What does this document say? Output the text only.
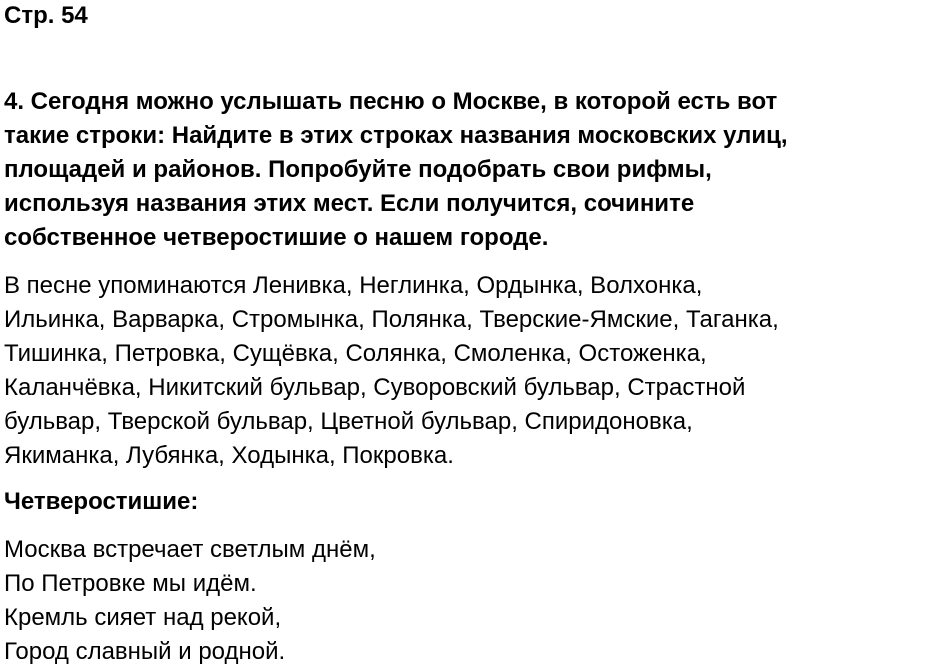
Стр. 54
4. Сегодня можно услышать песню о Москве, в которой есть вот
такие строки: Найдите в этих строках названия московских улиц,
площадей и районов. Попробуйте подобрать свои рифмы,
используя названия этих мест. Если получится, сочините
собственное четверостишие о нашем городе.
В песне упоминаются Ленивка, Неглинка, Ордынка, Волхонка,
Ильинка, Варварка, Стромынка, Полянка, Тверские-Ямские, Таганка,
Тишинка, Петровка, Сущёвка, Солянка, Смоленка, Остоженка,
Каланчёвка, Никитский бульвар, Суворовский бульвар, Страстной
бульвар, Тверской бульвар, Цветной бульвар, Спиридоновка,
Якиманка, Лубянка, Ходынка, Покровка.
Четверостишие:
Москва встречает светлым днём,
По Петровке мы идём.
Кремль сияет над рекой,
Город славный и родной.
